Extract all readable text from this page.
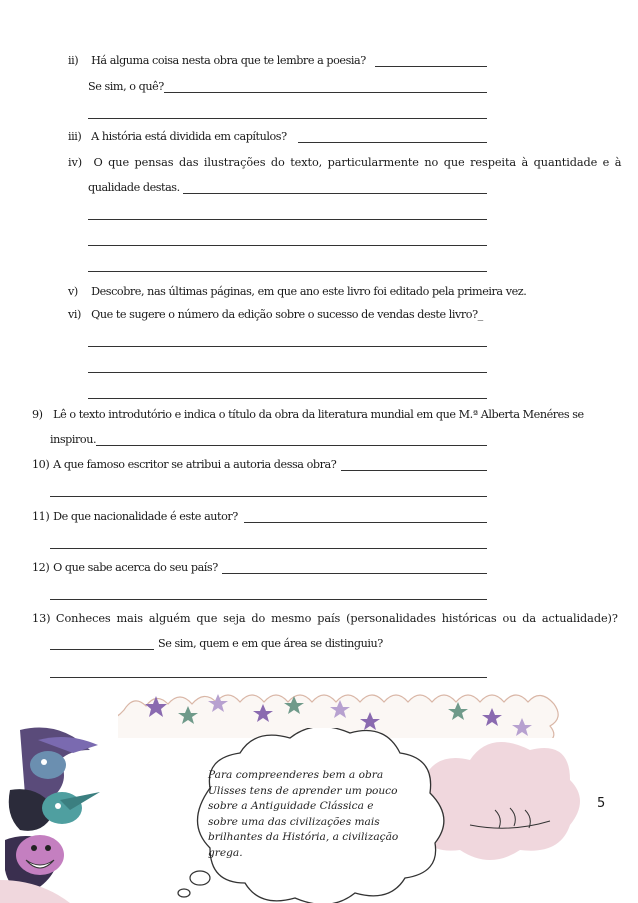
ii) Há alguma coisa nesta obra que te lembre a poesia?
Se sim, o quê?
iii) A história está dividida em capítulos?
iv) O que pensas das ilustrações do texto, particularmente no que respeita à quantidade e à
qualidade destas.
v) Descobre, nas últimas páginas, em que ano este livro foi editado pela primeira vez.
vi) Que te sugere o número da edição sobre o sucesso de vendas deste livro?_
9) Lê o texto introdutório e indica o título da obra da literatura mundial em que M.ª Alberta Menéres se
inspirou.
10) A que famoso escritor se atribui a autoria dessa obra?
11) De que nacionalidade é este autor?
12) O que sabe acerca do seu país?
13) Conheces mais alguém que seja do mesmo país (personalidades históricas ou da actualidade)?
Se sim, quem e em que área se distinguiu?
Para compreenderes bem a obra
Ulisses tens de aprender um pouco
sobre a Antiguidade Clássica e
sobre uma das civilizações mais
brilhantes da História, a civilização
grega.
5
